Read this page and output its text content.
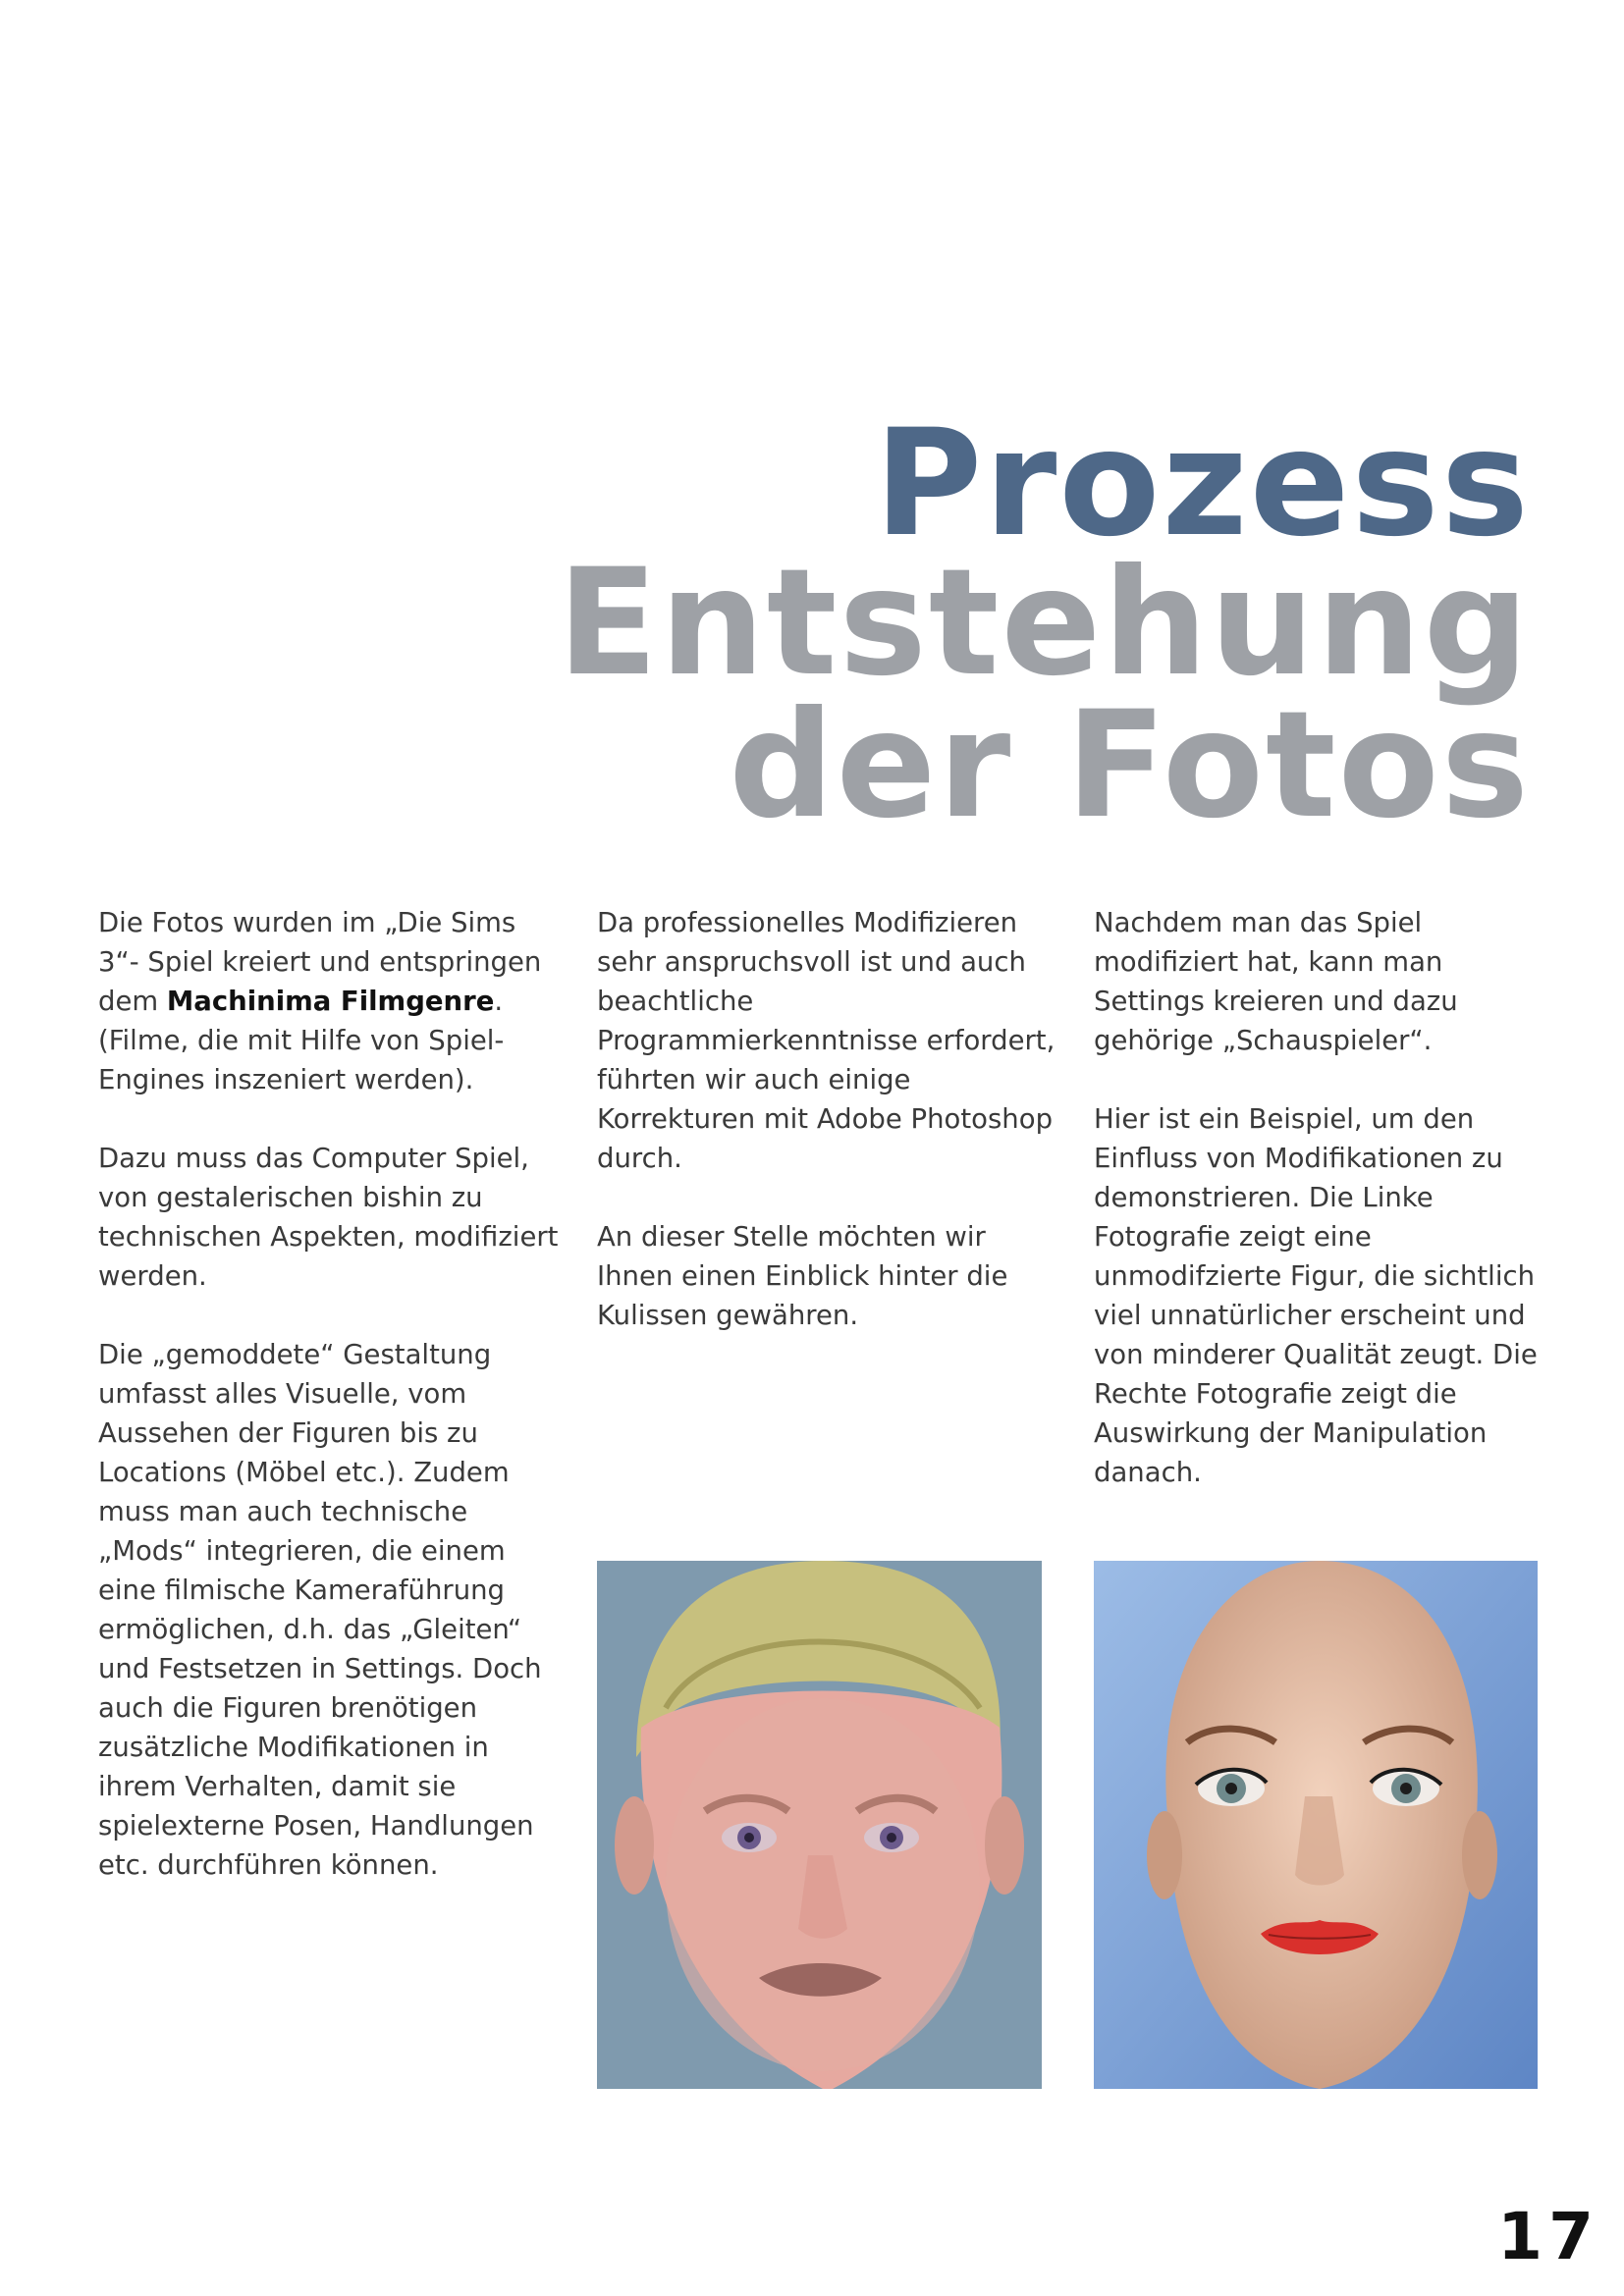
Prozess
Entstehung
der Fotos

Die Fotos wurden im „Die Sims 3“- Spiel kreiert und entspringen dem Machinima Filmgenre. (Filme, die mit Hilfe von Spiel-Engines inszeniert werden).

Dazu muss das Computer Spiel, von gestalerischen bishin zu technischen Aspekten, modifiziert werden.

Die „gemoddete“ Gestaltung umfasst alles Visuelle, vom Aussehen der Figuren bis zu Locations (Möbel etc.). Zudem muss man auch technische „Mods“ integrieren, die einem eine filmische Kameraführung ermöglichen, d.h. das „Gleiten“ und Festsetzen in Settings. Doch auch die Figuren brenötigen zusätzliche Modifikationen in ihrem Verhalten, damit sie spielexterne Posen, Handlungen etc. durchführen können.

Da professionelles Modifizieren sehr anspruchsvoll ist und auch beachtliche Programmierkenntnisse erfordert, führten wir auch einige Korrekturen mit Adobe Photoshop durch.

An dieser Stelle möchten wir Ihnen einen Einblick hinter die Kulissen gewähren.

Nachdem man das Spiel modifiziert hat, kann man Settings kreieren und dazu gehörige „Schauspieler“.

Hier ist ein Beispiel, um den Einfluss von Modifikationen zu demonstrieren. Die Linke Fotografie zeigt eine unmodifzierte Figur, die sichtlich viel unnatürlicher erscheint und von minderer Qualität zeugt. Die Rechte Fotografie zeigt die Auswirkung der Manipulation danach.

17
